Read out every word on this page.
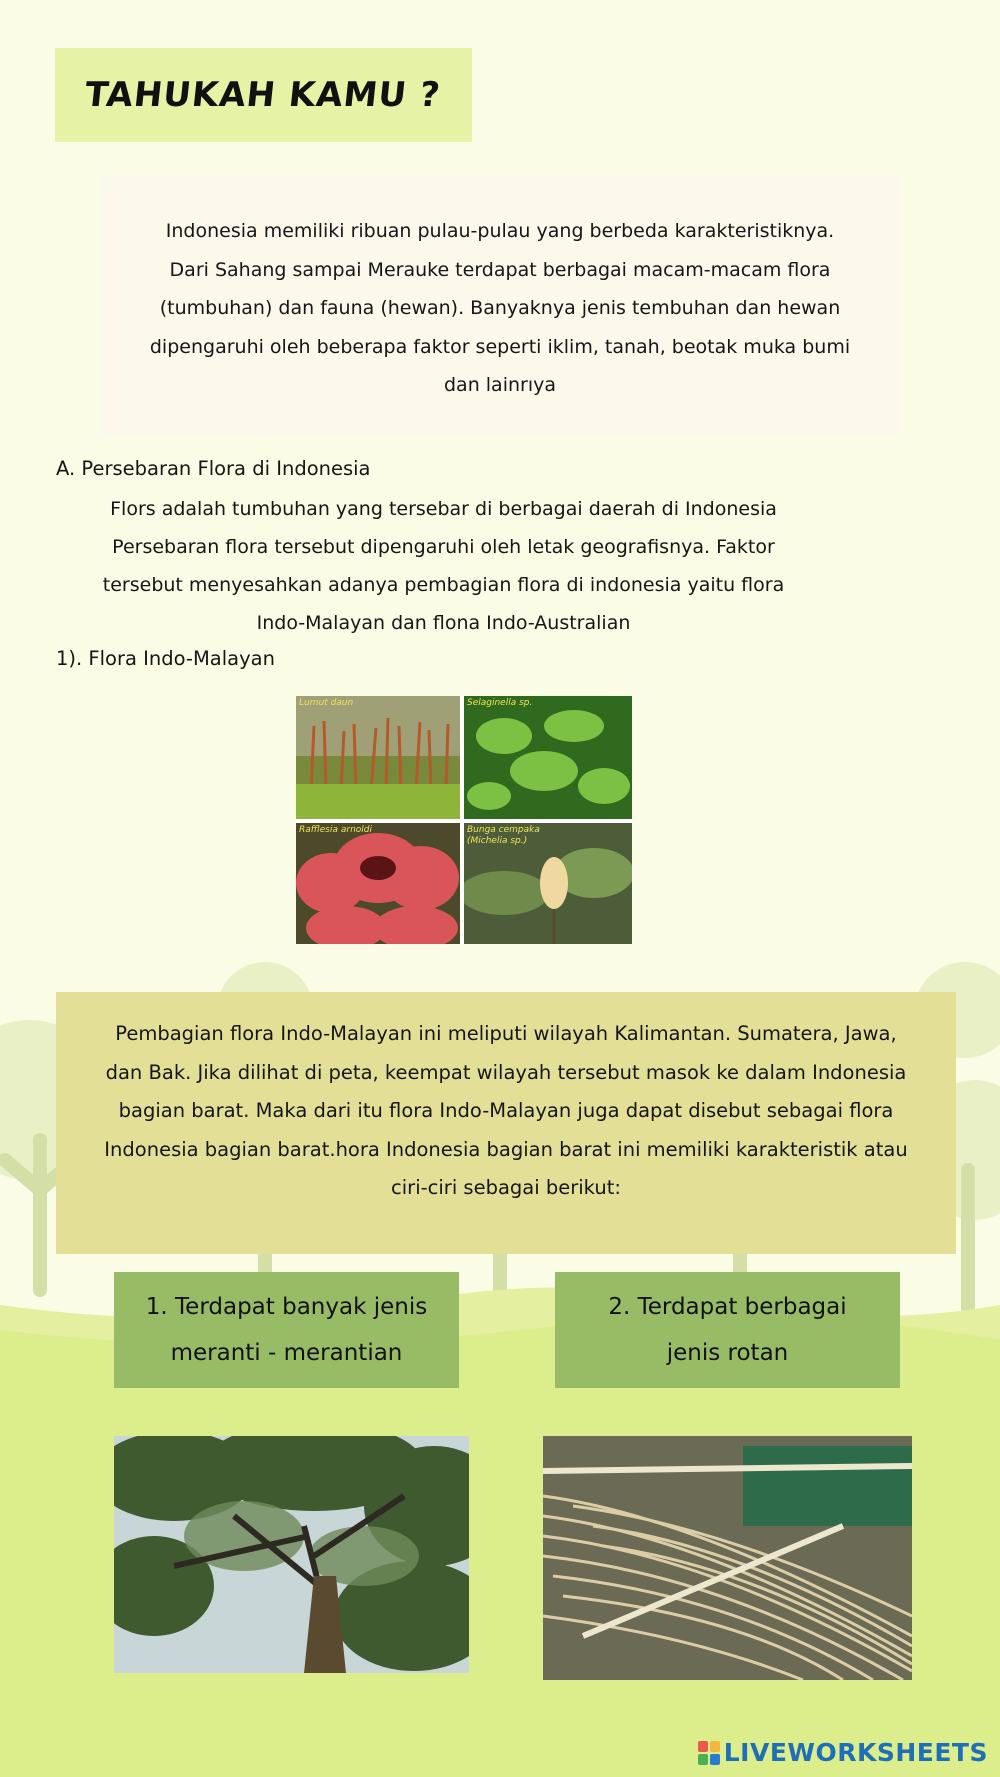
TAHUKAH KAMU ?

Indonesia memiliki ribuan pulau-pulau yang berbeda karakteristiknya.
Dari Sahang sampai Merauke terdapat berbagai macam-macam flora
(tumbuhan) dan fauna (hewan). Banyaknya jenis tembuhan dan hewan
dipengaruhi oleh beberapa faktor seperti iklim, tanah, beotak muka bumi
dan lainrıya

A. Persebaran Flora di Indonesia

Flors adalah tumbuhan yang tersebar di berbagai daerah di Indonesia
Persebaran flora tersebut dipengaruhi oleh letak geografisnya. Faktor
tersebut menyesahkan adanya pembagian flora di indonesia yaitu flora
Indo-Malayan dan flona Indo-Australian

1). Flora Indo-Malayan

Lumut daun	Selaginella sp.
Rafflesia arnoldi	Bunga cempaka
(Michelia sp.)

Pembagian flora Indo-Malayan ini meliputi wilayah Kalimantan. Sumatera, Jawa,
dan Bak. Jika dilihat di peta, keempat wilayah tersebut masok ke dalam Indonesia
bagian barat. Maka dari itu flora Indo-Malayan juga dapat disebut sebagai flora
Indonesia bagian barat.hora Indonesia bagian barat ini memiliki karakteristik atau
ciri-ciri sebagai berikut:

1. Terdapat banyak jenis
meranti - merantian
2. Terdapat berbagai
jenis rotan
LIVEWORKSHEETS
